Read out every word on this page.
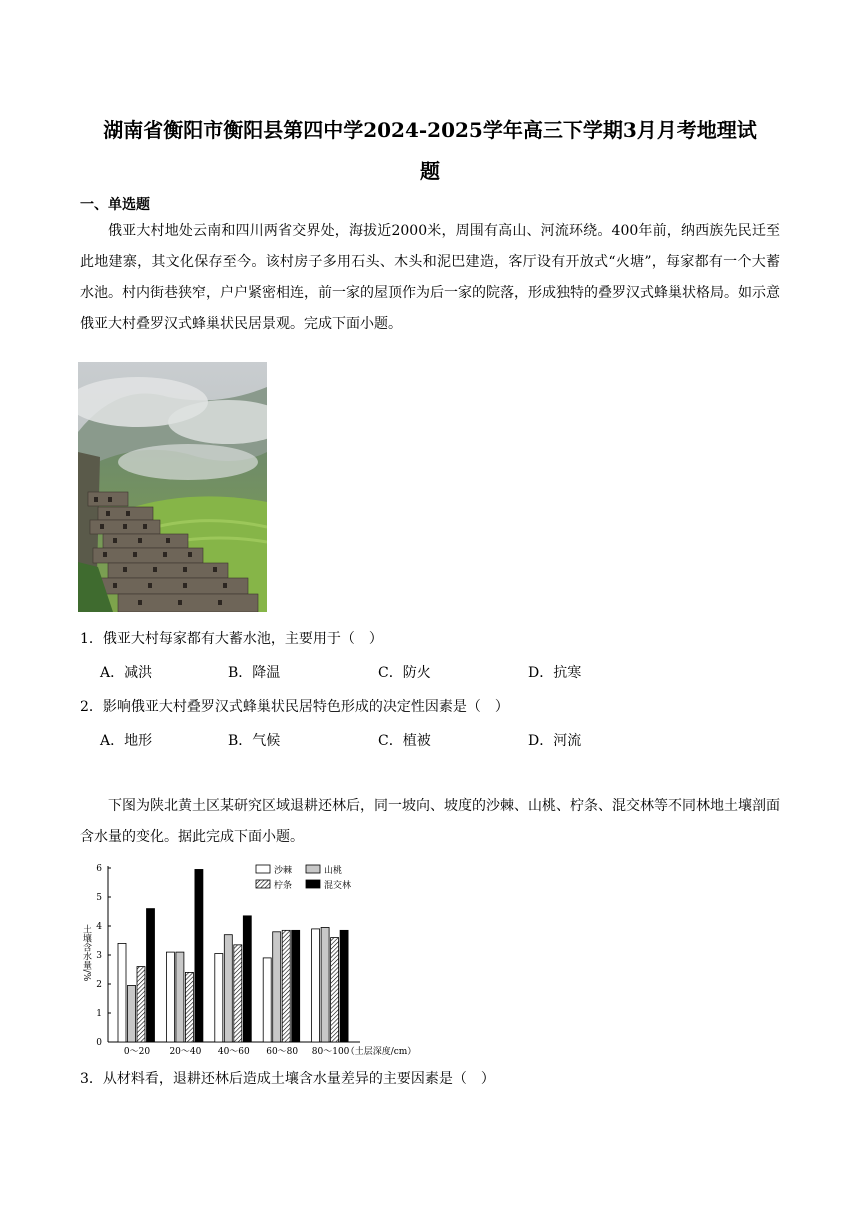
湖南省衡阳市衡阳县第四中学2024-2025学年高三下学期3月月考地理试
题
一、单选题
俄亚大村地处云南和四川两省交界处，海拔近2000米，周围有高山、河流环绕。400年前，纳西族先民迁至此地建寨，其文化保存至今。该村房子多用石头、木头和泥巴建造，客厅设有开放式“火塘”，每家都有一个大蓄水池。村内街巷狭窄，户户紧密相连，前一家的屋顶作为后一家的院落，形成独特的叠罗汉式蜂巢状格局。如示意俄亚大村叠罗汉式蜂巢状民居景观。完成下面小题。
1．俄亚大村每家都有大蓄水池，主要用于（　）
A．减洪	B．降温	C．防火	D．抗寒
2．影响俄亚大村叠罗汉式蜂巢状民居特色形成的决定性因素是（　）
A．地形	B．气候	C．植被	D．河流
下图为陕北黄土区某研究区域退耕还林后，同一坡向、坡度的沙棘、山桃、柠条、混交林等不同林地土壤剖面含水量的变化。据此完成下面小题。
0
1
2
3
4
5
6
0～20 20～40 40～60 60～80 80～100
沙棘	山桃
柠条	混交林
土壤含水量/%
（土层深度/cm）
3．从材料看，退耕还林后造成土壤含水量差异的主要因素是（　）
